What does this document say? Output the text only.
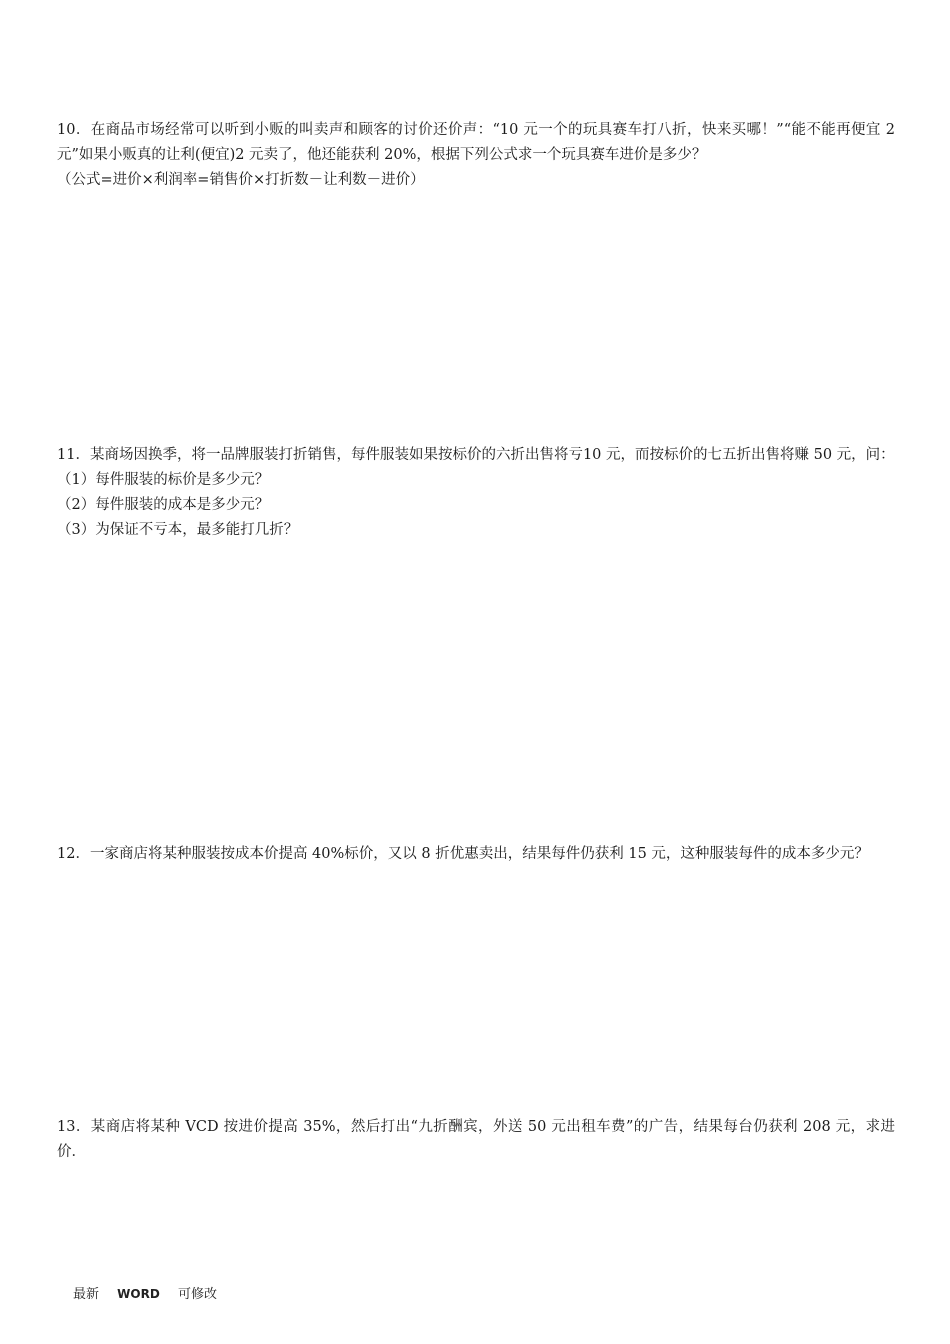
10．在商品市场经常可以听到小贩的叫卖声和顾客的讨价还价声：“10 元一个的玩具赛车打八折，快来买哪！”“能不能再便宜 2 元”如果小贩真的让利(便宜)2 元卖了，他还能获利 20%，根据下列公式求一个玩具赛车进价是多少？

（公式=进价×利润率=销售价×打折数－让利数－进价）

11．某商场因换季，将一品牌服装打折销售，每件服装如果按标价的六折出售将亏10 元，而按标价的七五折出售将赚 50 元，问：

（1）每件服装的标价是多少元？

（2）每件服装的成本是多少元？

（3）为保证不亏本，最多能打几折？

12．一家商店将某种服装按成本价提高 40%标价，又以 8 折优惠卖出，结果每件仍获利 15 元，这种服装每件的成本多少元？

13．某商店将某种 VCD 按进价提高 35%，然后打出“九折酬宾，外送 50 元出租车费”的广告，结果每台仍获利 208 元，求进价．

最新 WORD 可修改
